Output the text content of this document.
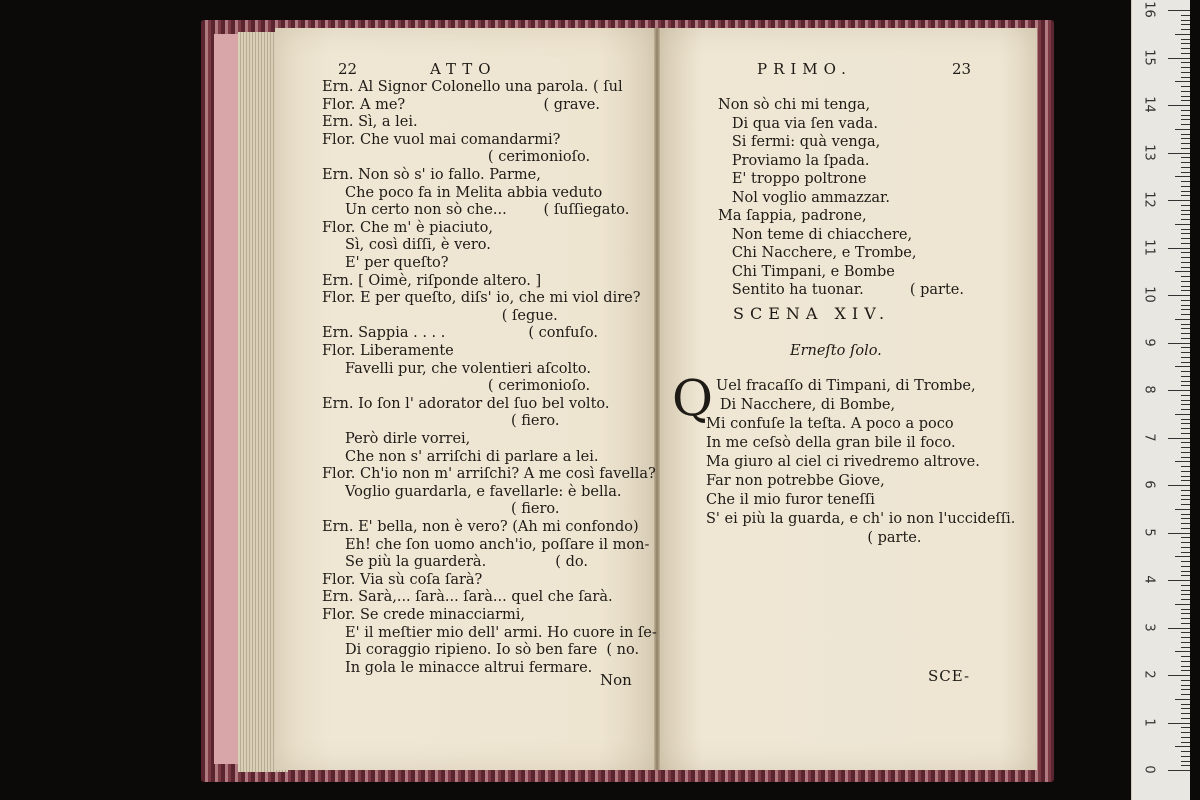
22	ATTO
Ern. Al Signor Colonello una parola. ( ſul
Flor. A me?                              ( grave.
Ern. Sì, a lei.
Flor. Che vuol mai comandarmi?
( cerimonioſo.
Ern. Non sò s' io fallo. Parme,
Che poco fa in Melita abbia veduto
Un certo non sò che...        ( ſuſſiegato.
Flor. Che m' è piaciuto,
Sì, così diſſi, è vero.
E' per queſto?
Ern. [ Oimè, riſponde altero. ]
Flor. E per queſto, diſs' io, che mi viol dire?
( ſegue.
Ern. Sappia . . . .                  ( confuſo.
Flor. Liberamente
Favelli pur, che volentieri aſcolto.
( cerimonioſo.
Ern. Io ſon l' adorator del ſuo bel volto.
( fiero.
Però dirle vorrei,
Che non s' arriſchi di parlare a lei.
Flor. Ch'io non m' arriſchi? A me così favella?
Voglio guardarla, e favellarle: è bella.
( fiero.
Ern. E' bella, non è vero? (Ah mi confondo)
Eh! che ſon uomo anch'io, poſſare il mon-
Se più la guarderà.               ( do.
Flor. Via sù coſa ſarà?
Ern. Sarà,... ſarà... ſarà... quel che ſarà.
Flor. Se crede minacciarmi,
E' il meſtier mio dell' armi. Ho cuore in ſe-
Di coraggio ripieno. Io sò ben fare  ( no.
In gola le minacce altrui fermare.
Non
PRIMO.	23
Non sò chi mi tenga,
Di qua via ſen vada.
Si fermi: quà venga,
Proviamo la ſpada.
E' troppo poltrone
Nol voglio ammazzar.
Ma ſappia, padrone,
Non teme di chiacchere,
Chi Nacchere, e Trombe,
Chi Timpani, e Bombe
Sentito ha tuonar.          ( parte.
SCENA XIV.
Erneſto ſolo.
Q Uel fracaſſo di Timpani, di Trombe,
Di Nacchere, di Bombe,
Mi confuſe la teſta. A poco a poco
In me ceſsò della gran bile il foco.
Ma giuro al ciel ci rivedremo altrove.
Far non potrebbe Giove,
Che il mio furor teneſſi
S' ei più la guarda, e ch' io non l'uccideſſi.
( parte.
SCE-
0
1
2
3
4
5
6
7
8
9
10
11
12
13
14
15
16
